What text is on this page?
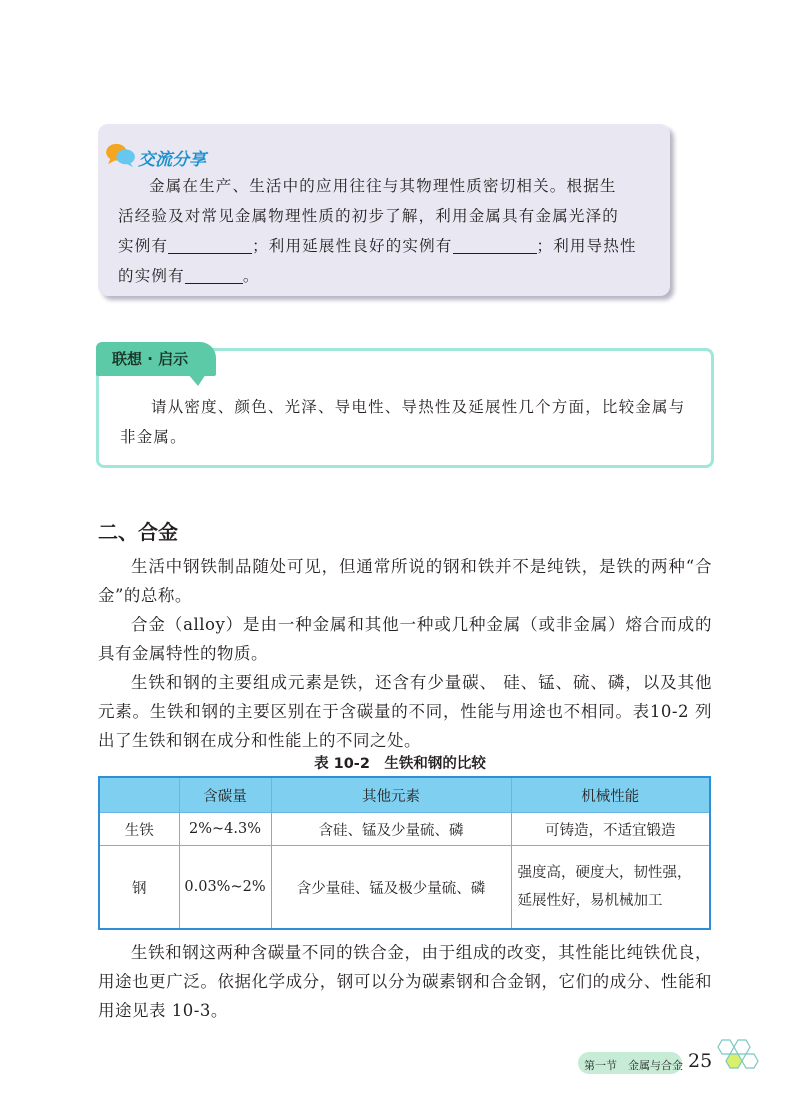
交流分享

金属在生产、生活中的应用往往与其物理性质密切相关。根据生

活经验及对常见金属物理性质的初步了解，利用金属具有金属光泽的

实例有	；利用延展性良好的实例有	；利用导热性

的实例有	。

联想 · 启示

请从密度、颜色、光泽、导电性、导热性及延展性几个方面，比较金属与非金属。

二、合金

生活中钢铁制品随处可见，但通常所说的钢和铁并不是纯铁，是铁的两种“合金”的总称。

合金（alloy）是由一种金属和其他一种或几种金属（或非金属）熔合而成的具有金属特性的物质。

生铁和钢的主要组成元素是铁，还含有少量碳、 硅、锰、硫、磷，以及其他元素。生铁和钢的主要区别在于含碳量的不同，性能与用途也不相同。表10-2 列出了生铁和钢在成分和性能上的不同之处。

表 10-2　生铁和钢的比较
	含碳量	其他元素	机械性能
生铁	2%~4.3%	含硅、锰及少量硫、磷	可铸造，不适宜锻造
钢	0.03%~2%	含少量硅、锰及极少量硫、磷	强度高，硬度大，韧性强，延展性好，易机械加工

生铁和钢这两种含碳量不同的铁合金，由于组成的改变，其性能比纯铁优良，用途也更广泛。依据化学成分，钢可以分为碳素钢和合金钢，它们的成分、性能和用途见表 10-3。

第一节　金属与合金 25
